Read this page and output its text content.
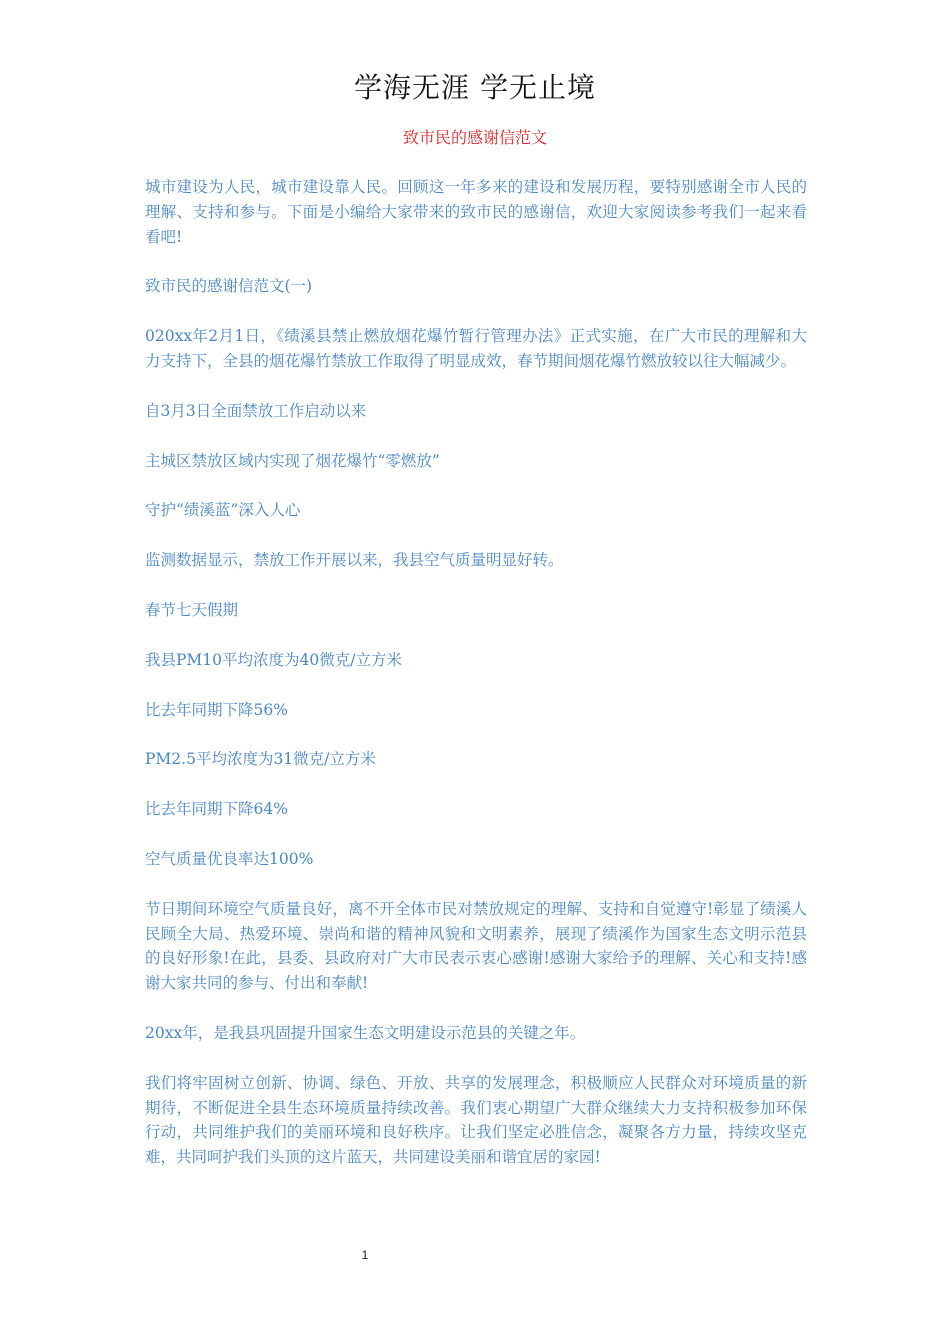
学海无涯 学无止境
致市民的感谢信范文

城市建设为人民，城市建设靠人民。回顾这一年多来的建设和发展历程，要特别感谢全市人民的理解、支持和参与。下面是小编给大家带来的致市民的感谢信，欢迎大家阅读参考我们一起来看看吧!

致市民的感谢信范文(一)

020xx年2月1日，《绩溪县禁止燃放烟花爆竹暂行管理办法》正式实施，在广大市民的理解和大力支持下，全县的烟花爆竹禁放工作取得了明显成效，春节期间烟花爆竹燃放较以往大幅减少。

自3月3日全面禁放工作启动以来

主城区禁放区域内实现了烟花爆竹“零燃放”

守护“绩溪蓝”深入人心

监测数据显示，禁放工作开展以来，我县空气质量明显好转。

春节七天假期

我县PM10平均浓度为40微克/立方米

比去年同期下降56%

PM2.5平均浓度为31微克/立方米

比去年同期下降64%

空气质量优良率达100%

节日期间环境空气质量良好，离不开全体市民对禁放规定的理解、支持和自觉遵守!彰显了绩溪人民顾全大局、热爱环境、崇尚和谐的精神风貌和文明素养，展现了绩溪作为国家生态文明示范县的良好形象!在此，县委、县政府对广大市民表示衷心感谢!感谢大家给予的理解、关心和支持!感谢大家共同的参与、付出和奉献!

20xx年，是我县巩固提升国家生态文明建设示范县的关键之年。

我们将牢固树立创新、协调、绿色、开放、共享的发展理念，积极顺应人民群众对环境质量的新期待，不断促进全县生态环境质量持续改善。我们衷心期望广大群众继续大力支持积极参加环保行动，共同维护我们的美丽环境和良好秩序。让我们坚定必胜信念，凝聚各方力量，持续攻坚克难，共同呵护我们头顶的这片蓝天，共同建设美丽和谐宜居的家园!

1
